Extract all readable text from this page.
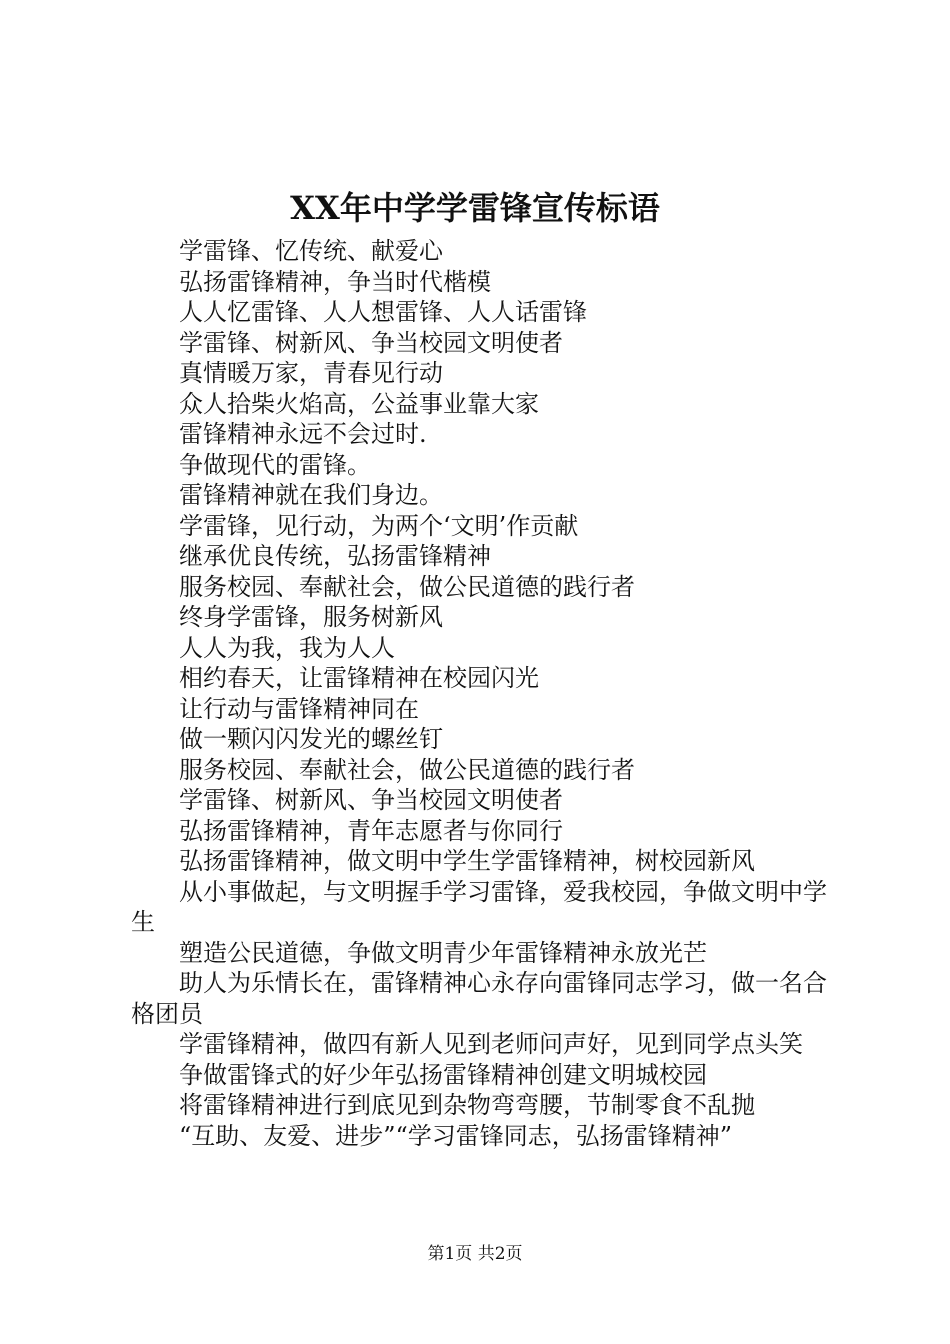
XX年中学学雷锋宣传标语
学雷锋、忆传统、献爱心
弘扬雷锋精神，争当时代楷模
人人忆雷锋、人人想雷锋、人人话雷锋
学雷锋、树新风、争当校园文明使者
真情暖万家，青春见行动
众人拾柴火焰高，公益事业靠大家
雷锋精神永远不会过时.
争做现代的雷锋。
雷锋精神就在我们身边。
学雷锋，见行动，为两个‘文明’作贡献
继承优良传统，弘扬雷锋精神
服务校园、奉献社会，做公民道德的践行者
终身学雷锋，服务树新风
人人为我，我为人人
相约春天，让雷锋精神在校园闪光
让行动与雷锋精神同在
做一颗闪闪发光的螺丝钉
服务校园、奉献社会，做公民道德的践行者
学雷锋、树新风、争当校园文明使者
弘扬雷锋精神，青年志愿者与你同行
弘扬雷锋精神，做文明中学生学雷锋精神，树校园新风
从小事做起，与文明握手学习雷锋，爱我校园，争做文明中学生
塑造公民道德，争做文明青少年雷锋精神永放光芒
助人为乐情长在，雷锋精神心永存向雷锋同志学习，做一名合格团员
学雷锋精神，做四有新人见到老师问声好，见到同学点头笑
争做雷锋式的好少年弘扬雷锋精神创建文明城校园
将雷锋精神进行到底见到杂物弯弯腰，节制零食不乱抛
“互助、友爱、进步”“学习雷锋同志，弘扬雷锋精神”
第1页 共2页
